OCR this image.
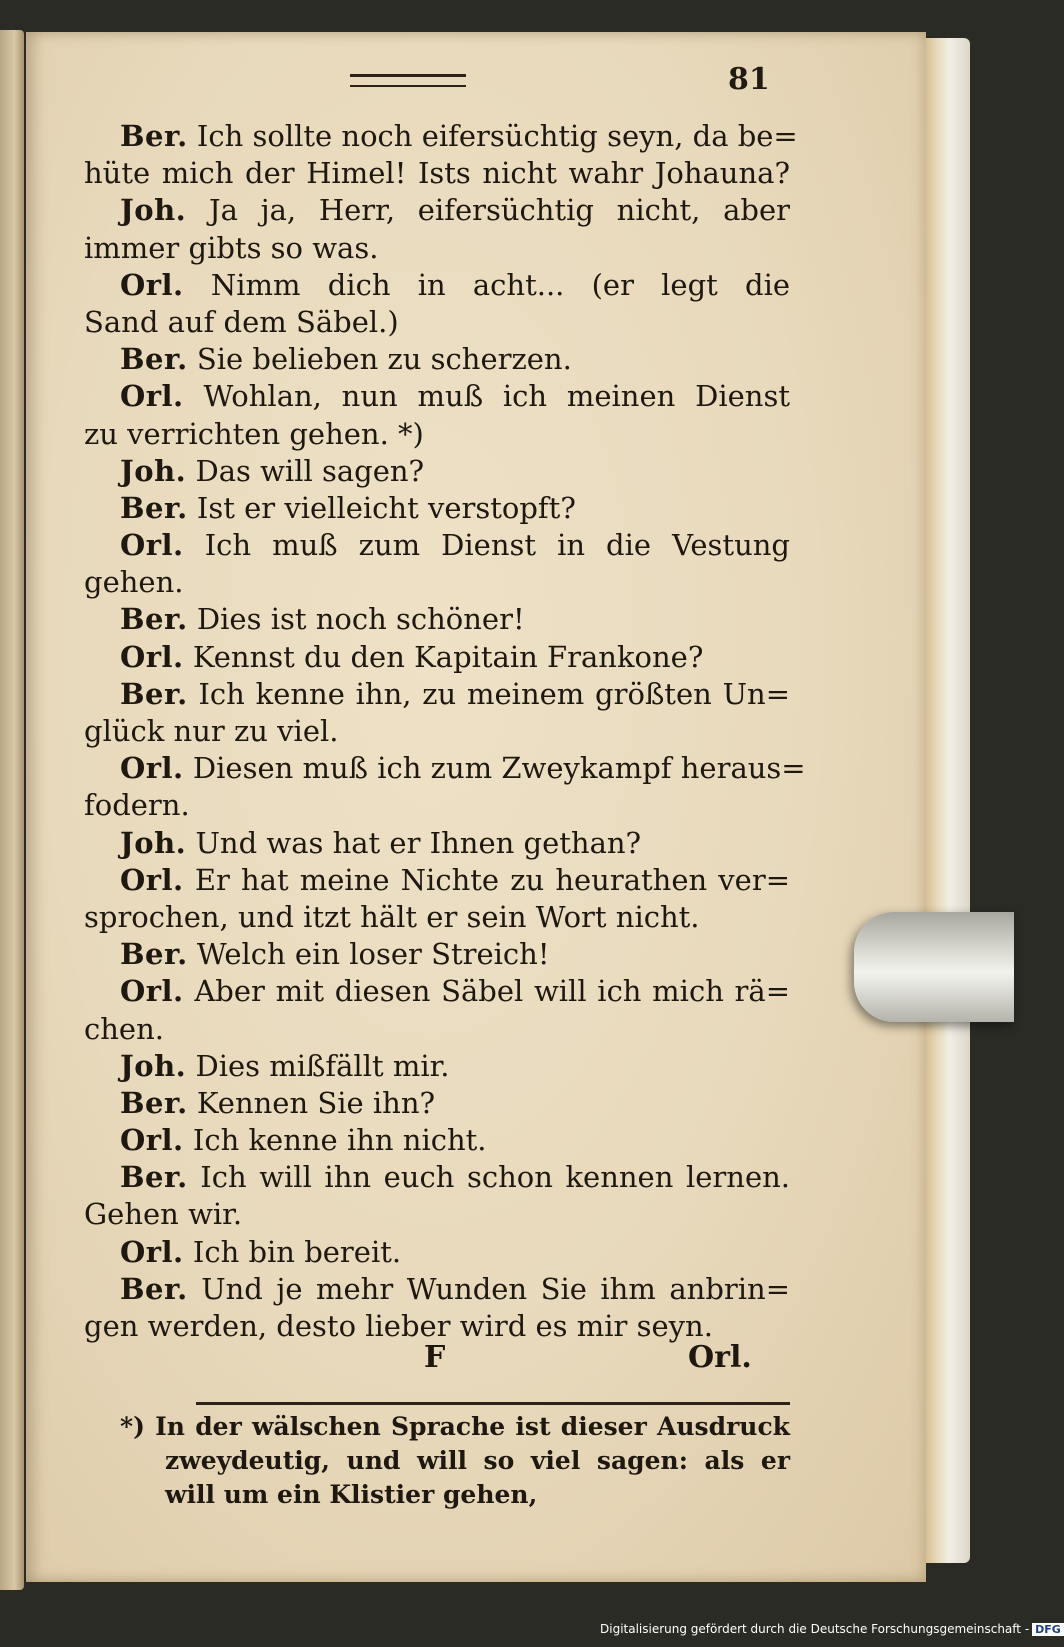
81
Ber. Ich sollte noch eifersüchtig seyn, da be=
hüte mich der Himel! Ists nicht wahr Johauna?
Joh. Ja ja, Herr, eifersüchtig nicht, aber
immer gibts so was.
Orl. Nimm dich in acht... (er legt die
Sand auf dem Säbel.)
Ber. Sie belieben zu scherzen.
Orl. Wohlan, nun muß ich meinen Dienst
zu verrichten gehen. *)
Joh. Das will sagen?
Ber. Ist er vielleicht verstopft?
Orl. Ich muß zum Dienst in die Vestung
gehen.
Ber. Dies ist noch schöner!
Orl. Kennst du den Kapitain Frankone?
Ber. Ich kenne ihn, zu meinem größten Un=
glück nur zu viel.
Orl. Diesen muß ich zum Zweykampf heraus=
fodern.
Joh. Und was hat er Ihnen gethan?
Orl. Er hat meine Nichte zu heurathen ver=
sprochen, und itzt hält er sein Wort nicht.
Ber. Welch ein loser Streich!
Orl. Aber mit diesen Säbel will ich mich rä=
chen.
Joh. Dies mißfällt mir.
Ber. Kennen Sie ihn?
Orl. Ich kenne ihn nicht.
Ber. Ich will ihn euch schon kennen lernen.
Gehen wir.
Orl. Ich bin bereit.
Ber. Und je mehr Wunden Sie ihm anbrin=
gen werden, desto lieber wird es mir seyn.
F	Orl.
*) In der wälschen Sprache ist dieser Ausdruck
zweydeutig, und will so viel sagen: als er
will um ein Klistier gehen,
Digitalisierung gefördert durch die Deutsche Forschungsgemeinschaft - DFG
